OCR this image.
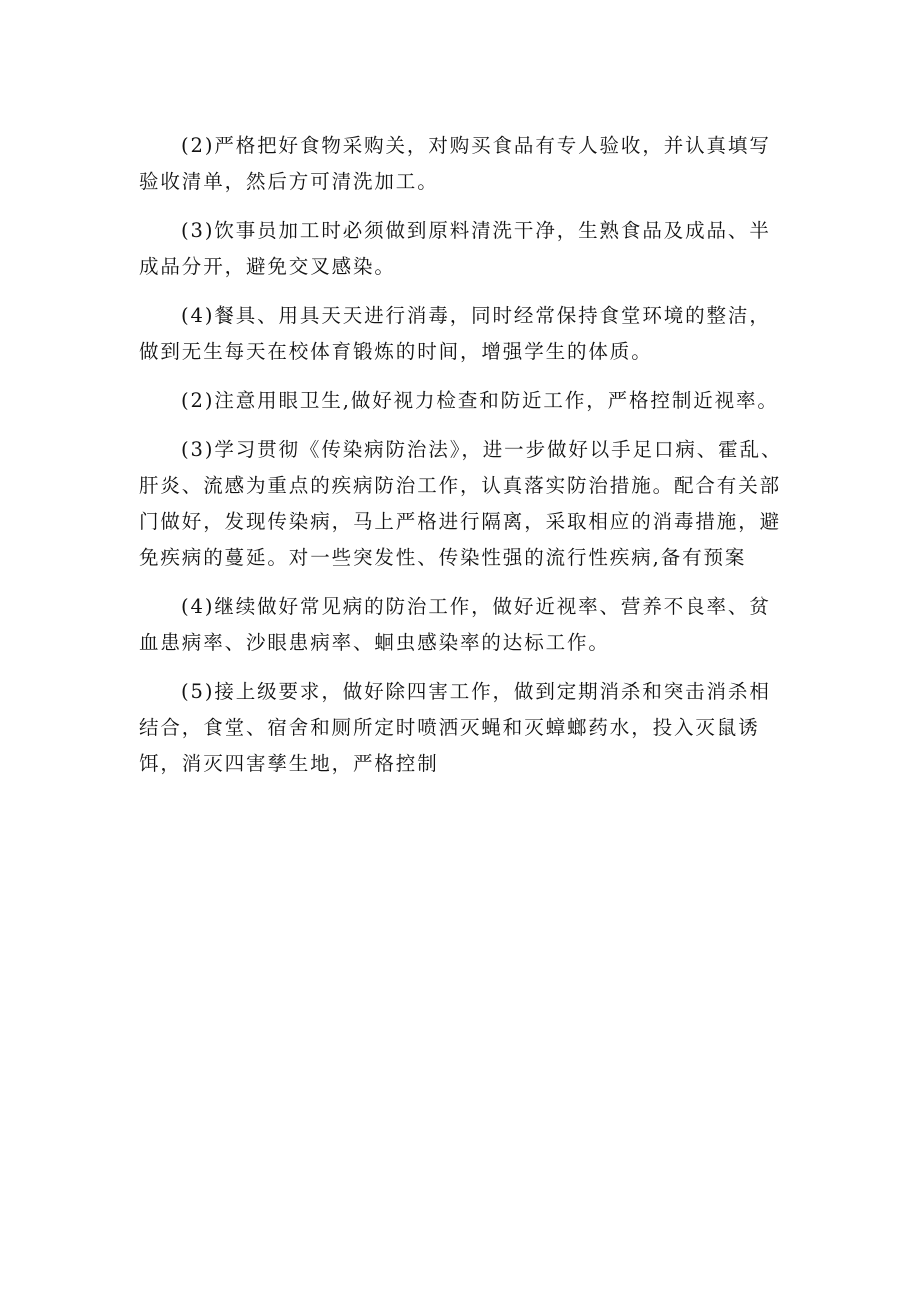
(2)严格把好食物采购关，对购买食品有专人验收，并认真填写验收清单，然后方可清洗加工。

(3)饮事员加工时必须做到原料清洗干净，生熟食品及成品、半成品分开，避免交叉感染。

(4)餐具、用具天天进行消毒，同时经常保持食堂环境的整洁，做到无生每天在校体育锻炼的时间，增强学生的体质。

(2)注意用眼卫生,做好视力检查和防近工作，严格控制近视率。

(3)学习贯彻《传染病防治法》，进一步做好以手足口病、霍乱、肝炎、流感为重点的疾病防治工作，认真落实防治措施。配合有关部门做好，发现传染病，马上严格进行隔离，采取相应的消毒措施，避免疾病的蔓延。对一些突发性、传染性强的流行性疾病,备有预案

(4)继续做好常见病的防治工作，做好近视率、营养不良率、贫血患病率、沙眼患病率、蛔虫感染率的达标工作。

(5)接上级要求，做好除四害工作，做到定期消杀和突击消杀相结合，食堂、宿舍和厕所定时喷洒灭蝇和灭蟑螂药水，投入灭鼠诱饵，消灭四害孳生地，严格控制
